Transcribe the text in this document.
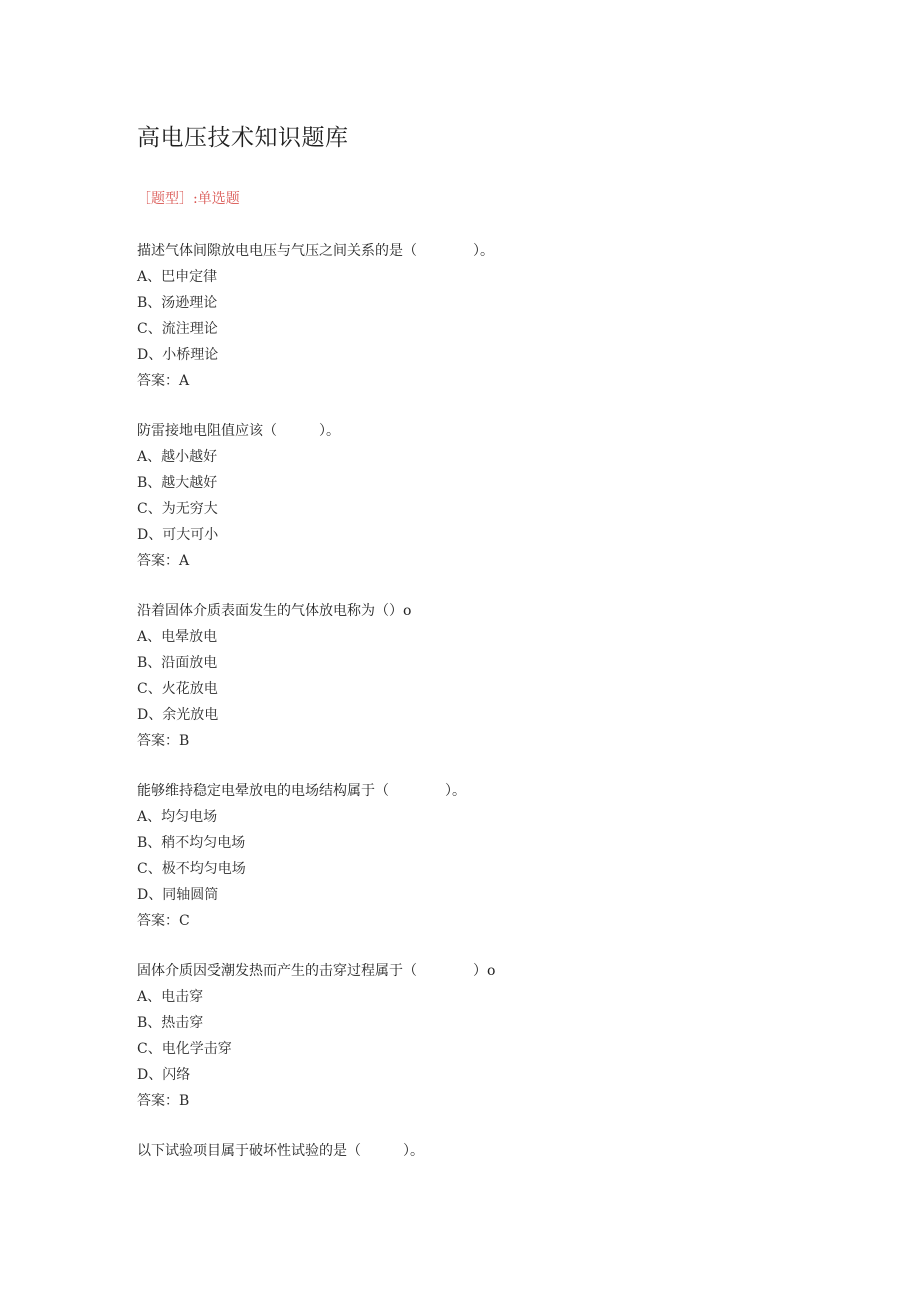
高电压技术知识题库
［题型］:单选题
描述气体间隙放电电压与气压之间关系的是（　　　　）。
A、巴申定律
B、汤逊理论
C、流注理论
D、小桥理论
答案：A
防雷接地电阻值应该（　　　）。
A、越小越好
B、越大越好
C、为无穷大
D、可大可小
答案：A
沿着固体介质表面发生的气体放电称为（）o
A、电晕放电
B、沿面放电
C、火花放电
D、余光放电
答案：B
能够维持稳定电晕放电的电场结构属于（　　　　）。
A、均匀电场
B、稍不均匀电场
C、极不均匀电场
D、同轴圆筒
答案：C
固体介质因受潮发热而产生的击穿过程属于（　　　　）o
A、电击穿
B、热击穿
C、电化学击穿
D、闪络
答案：B
以下试验项目属于破坏性试验的是（　　　）。
